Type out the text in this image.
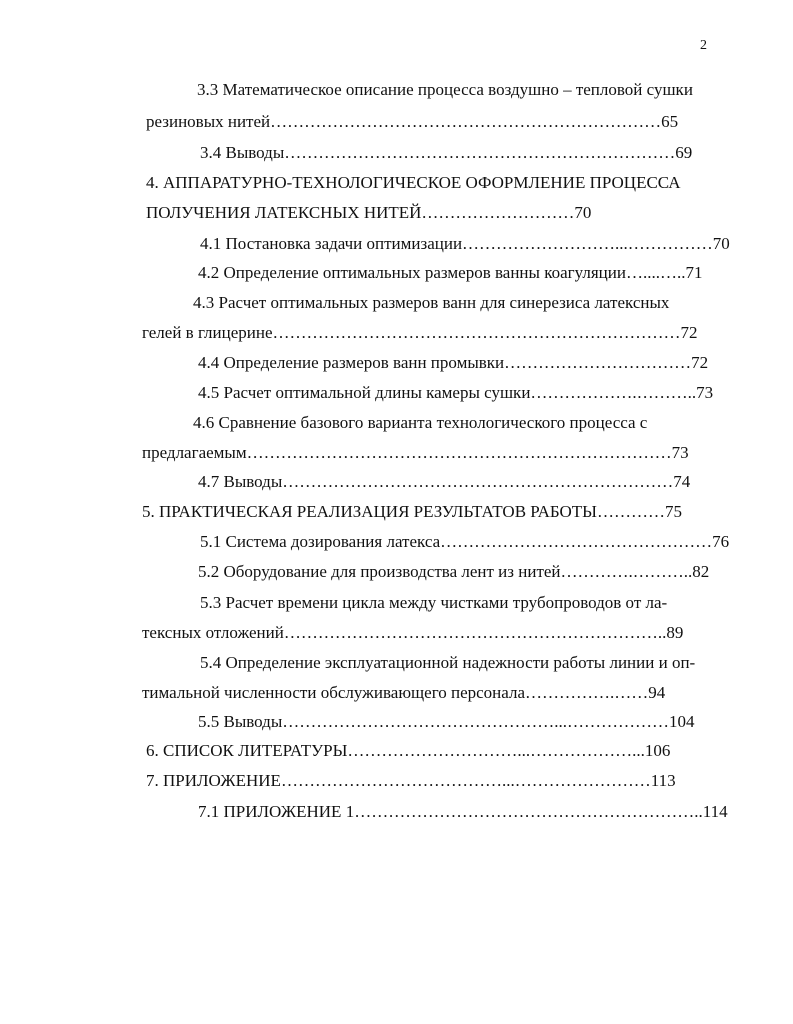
2
3.3 Математическое описание процесса воздушно – тепловой сушки
резиновых нитей……………………………………………………………65
3.4 Выводы……………………………………………………………69
4. АППАРАТУРНО-ТЕХНОЛОГИЧЕСКОЕ ОФОРМЛЕНИЕ ПРОЦЕССА
ПОЛУЧЕНИЯ ЛАТЕКСНЫХ НИТЕЙ………………………70
4.1 Постановка задачи оптимизации………………………...……………70
4.2 Определение оптимальных размеров ванны коагуляции…....…..71
4.3 Расчет оптимальных размеров ванн для синерезиса латексных
гелей в глицерине………………………………………………………………72
4.4 Определение размеров ванн промывки……………………………72
4.5 Расчет оптимальной длины камеры сушки……………….………..73
4.6 Сравнение базового варианта технологического процесса с
предлагаемым…………………………………………………………………73
4.7 Выводы……………………………………………………………74
5. ПРАКТИЧЕСКАЯ РЕАЛИЗАЦИЯ РЕЗУЛЬТАТОВ РАБОТЫ…………75
5.1 Система дозирования латекса…………………………………………76
5.2 Оборудование для производства лент из нитей………….………..82
5.3 Расчет времени цикла между чистками трубопроводов от ла-
тексных отложений…………………………………………………………..89
5.4 Определение эксплуатационной надежности работы линии и оп-
тимальной численности обслуживающего персонала…………….……94
5.5 Выводы…………………………………………...………………104
6. СПИСОК ЛИТЕРАТУРЫ…………………………...………………...106
7. ПРИЛОЖЕНИЕ…………………………………...……………………113
7.1 ПРИЛОЖЕНИЕ 1……………………………………………………..114
